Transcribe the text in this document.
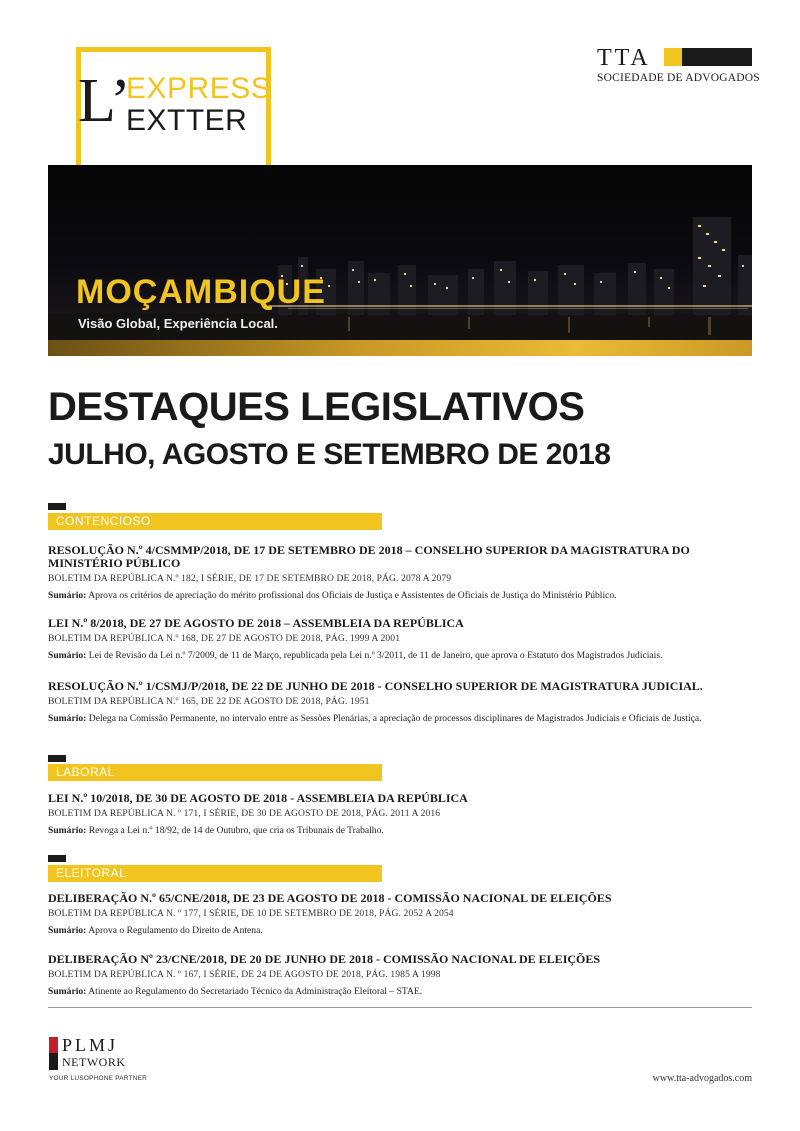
L’
EXPRESS
EXTTER
TTA
SOCIEDADE DE ADVOGADOS
MOÇAMBIQUE
Visão Global, Experiência Local.
DESTAQUES LEGISLATIVOS
JULHO, AGOSTO E SETEMBRO DE 2018
CONTENCIOSO

RESOLUÇÃO N.º 4/CSMMP/2018, DE 17 DE SETEMBRO DE 2018 – CONSELHO SUPERIOR DA MAGISTRATURA DO MINISTÉRIO PÚBLICO

BOLETIM DA REPÚBLICA N.º 182, I SÉRIE, DE 17 DE SETEMBRO DE 2018, PÁG. 2078 A 2079

Sumário: Aprova os critérios de apreciação do mérito profissional dos Oficiais de Justiça e Assistentes de Oficiais de Justiça do Ministério Público.

LEI N.º 8/2018, DE 27 DE AGOSTO DE 2018 – ASSEMBLEIA DA REPÚBLICA

BOLETIM DA REPÚBLICA N.º 168, DE 27 DE AGOSTO DE 2018, PÁG. 1999 A 2001

Sumário: Lei de Revisão da Lei n.º 7/2009, de 11 de Março, republicada pela Lei n.º 3/2011, de 11 de Janeiro, que aprova o Estatuto dos Magistrados Judiciais.

RESOLUÇÃO N.º 1/CSMJ/P/2018, DE 22 DE JUNHO DE 2018 - CONSELHO SUPERIOR DE MAGISTRATURA JUDICIAL.

BOLETIM DA REPÚBLICA N.º 165, DE 22 DE AGOSTO DE 2018, PÁG. 1951

Sumário: Delega na Comissão Permanente, no intervalo entre as Sessões Plenárias, a apreciação de processos disciplinares de Magistrados Judiciais e Oficiais de Justiça.

LABORAL

LEI N.º 10/2018, DE 30 DE AGOSTO DE 2018 - ASSEMBLEIA DA REPÚBLICA

BOLETIM DA REPÚBLICA N. º 171, I SÉRIE, DE 30 DE AGOSTO DE 2018, PÁG. 2011 A 2016

Sumário: Revoga a Lei n.º 18/92, de 14 de Outubro, que cria os Tribunais de Trabalho.

ELEITORAL

DELIBERAÇÃO N.º 65/CNE/2018, DE 23 DE AGOSTO DE 2018 - COMISSÃO NACIONAL DE ELEIÇÕES

BOLETIM DA REPÚBLICA N. º 177, I SÉRIE, DE 10 DE SETEMBRO DE 2018, PÁG. 2052 A 2054

Sumário: Aprova o Regulamento do Direito de Antena.

DELIBERAÇÃO Nº 23/CNE/2018, DE 20 DE JUNHO DE 2018 - COMISSÃO NACIONAL DE ELEIÇÕES

BOLETIM DA REPÚBLICA N. º 167, I SÉRIE, DE 24 DE AGOSTO DE 2018, PÁG. 1985 A 1998

Sumário: Atinente ao Regulamento do Secretariado Técnico da Administração Eleitoral – STAE.

PLMJ
NETWORK
YOUR LUSOPHONE PARTNER	www.tta-advogados.com
